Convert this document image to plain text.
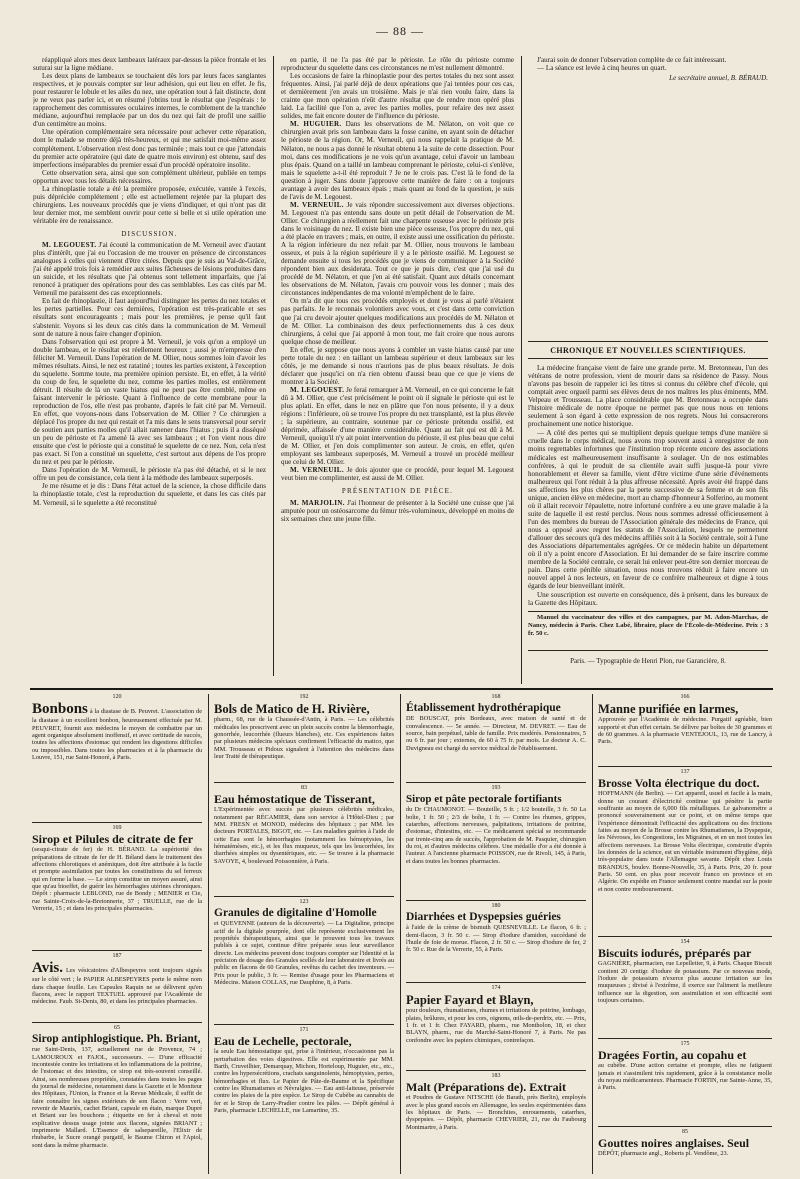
— 88 —

réappliqué alors mes deux lambeaux latéraux par-dessus la pièce frontale et les suturai sur la ligne médiane.

Les deux plans de lambeaux se touchaient dès lors par leurs faces sanglantes respectives, et je pouvais compter sur leur adhésion, qui eut lieu en effet. Je fis, pour restaurer le lobule et les ailes du nez, une opération tout à fait distincte, dont je ne veux pas parler ici, et en résumé j'obtins tout le résultat que j'espérais : le rapprochement des commissures oculaires internes, le comblement de la tranchée médiane, aujourd'hui remplacée par un dos du nez qui fait de profil une saillie d'un centimètre au moins.

Une opération complémentaire sera nécessaire pour achever cette réparation, dont le malade se montre déjà très-heureux, et qui me satisfait moi-même assez complétement. L'observation n'est donc pas terminée ; mais tout ce que j'attendais du premier acte opératoire (qui date de quatre mois environ) est obtenu, sauf des imperfections inséparables du premier essai d'un procédé opératoire insolite.

Cette observation sera, ainsi que son complément ultérieur, publiée en temps opportun avec tous les détails nécessaires.

La rhinoplastie totale a été la première proposée, exécutée, vantée à l'excès, puis dépréciée complétement ; elle est actuellement rejetée par la plupart des chirurgiens. Les nouveaux procédés que je viens d'indiquer, et qui n'ont pas dit leur dernier mot, me semblent ouvrir pour cette si belle et si utile opération une véritable ère de renaissance.

DISCUSSION.

M. LEGOUEST. J'ai écouté la communication de M. Verneuil avec d'autant plus d'intérêt, que j'ai eu l'occasion de me trouver en présence de circonstances analogues à celles qui viennent d'être citées. Depuis que je suis au Val-de-Grâce, j'ai été appelé trois fois à remédier aux suites fâcheuses de lésions produites dans un suicide, et les résultats que j'ai obtenus sont tellement imparfaits, que j'ai renoncé à pratiquer des opérations pour des cas semblables. Les cas cités par M. Verneuil me paraissent des cas exceptionnels.

En fait de rhinoplastie, il faut aujourd'hui distinguer les pertes du nez totales et les pertes partielles. Pour ces dernières, l'opération est très-praticable et ses résultats sont encourageants ; mais pour les premières, je pense qu'il faut s'abstenir. Voyons si les deux cas cités dans la communication de M. Verneuil sont de nature à nous faire changer d'opinion.

Dans l'observation qui est propre à M. Verneuil, je vois qu'on a employé un double lambeau, et le résultat est réellement heureux ; aussi je m'empresse d'en féliciter M. Verneuil. Dans l'opération de M. Ollier, nous sommes loin d'avoir les mêmes résultats. Ainsi, le nez est ratatiné ; toutes les parties existent, à l'exception du squelette. Somme toute, ma première opinion persiste. Et, en effet, à la vérité du coup de feu, le squelette du nez, comme les parties molles, est entièrement détruit. Il résulte de là un vaste hiatus qui ne peut pas être comblé, même en faisant intervenir le périoste. Quant à l'influence de cette membrane pour la reproduction de l'os, elle n'est pas probante, d'après le fait cité par M. Verneuil. En effet, que voyons-nous dans l'observation de M. Ollier ? Ce chirurgien a déplacé l'os propre du nez qui restait et l'a mis dans le sens transversal pour servir de soutien aux parties molles qu'il allait ramener dans l'hiatus ; puis il a disséqué un peu de périoste et l'a amené là avec ses lambeaux ; et l'on vient nous dire ensuite que c'est le périoste qui a constitué le squelette de ce nez. Non, cela n'est pas exact. Si l'on a constitué un squelette, c'est surtout aux dépens de l'os propre du nez et peu par le périoste.

Dans l'opération de M. Verneuil, le périoste n'a pas été détaché, et si le nez offre un peu de consistance, cela tient à la méthode des lambeaux superposés.

Je me résume et je dis : Dans l'état actuel de la science, la chose difficile dans la rhinoplastie totale, c'est la reproduction du squelette, et dans les cas cités par M. Verneuil, si le squelette a été reconstitué

en partie, il ne l'a pas été par le périoste. Le rôle du périoste comme reproducteur du squelette dans ces circonstances ne m'est nullement démontré.

Les occasions de faire la rhinoplastie pour des pertes totales du nez sont assez fréquentes. Ainsi, j'ai parlé déjà de deux opérations que j'ai tentées pour ces cas, et dernièrement j'en avais un troisième. Mais je n'ai rien voulu faire, dans la crainte que mon opération n'eût d'autre résultat que de rendre mon opéré plus laid. La facilité que l'on a, avec les parties molles, pour refaire des nez assez solides, me fait encore douter de l'influence du périoste.

M. HUGUIER. Dans les observations de M. Nélaton, on voit que ce chirurgien avait pris son lambeau dans la fosse canine, en ayant soin de détacher le périoste de la région. Or, M. Verneuil, qui nous rappelait la pratique de M. Nélaton, ne nous a pas donné le résultat obtenu à la suite de cette dissection. Pour moi, dans ces modifications je ne vois qu'un avantage, celui d'avoir un lambeau plus épais. Quand on a taillé un lambeau comprenant le périoste, celui-ci s'enlève, mais le squelette a-t-il été reproduit ? Je ne le crois pas. C'est là le fond de la question à juger. Sans doute j'approuve cette manière de faire : on a toujours avantage à avoir des lambeaux épais ; mais quant au fond de la question, je suis de l'avis de M. Legouest.

M. VERNEUIL. Je vais répondre successivement aux diverses objections. M. Legouest n'a pas entendu sans doute un petit détail de l'observation de M. Ollier. Ce chirurgien a réellement fait une charpente osseuse avec le périoste pris dans le voisinage du nez. Il existe bien une pièce osseuse, l'os propre du nez, qui a été placée en travers ; mais, en outre, il existe aussi une ossification du périoste. A la région inférieure du nez refait par M. Ollier, nous trouvons le lambeau osseux, et puis à la région supérieure il y a le périoste ossifié. M. Legouest se demande ensuite si tous les procédés que je viens de communiquer à la Société répondent bien aux desiderata. Tout ce que je puis dire, c'est que j'ai usé du procédé de M. Nélaton, et que j'en ai été satisfait. Quant aux détails concernant les observations de M. Nélaton, j'avais cru pouvoir vous les donner ; mais des circonstances indépendantes de ma volonté m'empêchent de le faire.

On m'a dit que tous ces procédés employés et dont je vous ai parlé n'étaient pas parfaits. Je le reconnais volontiers avec vous, et c'est dans cette conviction que j'ai cru devoir ajouter quelques modifications aux procédés de M. Nélaton et de M. Ollier. La combinaison des deux perfectionnements dus à ces deux chirurgiens, à celui que j'ai apporté à mon tour, me fait croire que nous aurons quelque chose de meilleur.

En effet, je suppose que nous ayons à combler un vaste hiatus causé par une perte totale du nez : en taillant un lambeau supérieur et deux lambeaux sur les côtés, je me demande si nous n'aurions pas de plus beaux résultats. Je dois déclarer que jusqu'ici on n'a rien obtenu d'aussi beau que ce que je viens de montrer à la Société.

M. LEGOUEST. Je ferai remarquer à M. Verneuil, en ce qui concerne le fait dû à M. Ollier, que c'est précisément le point où il signale le périoste qui est le plus aplati. En effet, dans le nez en plâtre que l'on nous présente, il y a deux régions : l'inférieure, où se trouve l'os propre du nez transplanté, est la plus élevée ; la supérieure, au contraire, soutenue par ce périoste prétendu ossifié, est déprimée, affaissée d'une manière considérable. Quant au fait qui est dû à M. Verneuil, quoiqu'il n'y ait point intervention du périoste, il est plus beau que celui de M. Ollier, et j'en dois complimenter son auteur. Je crois, en effet, qu'en employant ses lambeaux superposés, M. Verneuil a trouvé un procédé meilleur que celui de M. Ollier.

M. VERNEUIL. Je dois ajouter que ce procédé, pour lequel M. Legouest veut bien me complimenter, est aussi de M. Ollier.

PRÉSENTATION DE PIÈCE.

M. MARJOLIN. J'ai l'honneur de présenter à la Société une cuisse que j'ai amputée pour un ostéosarcome du fémur très-volumineux, développé en moins de six semaines chez une jeune fille.

J'aurai soin de donner l'observation complète de ce fait intéressant.

— La séance est levée à cinq heures un quart.

Le secrétaire annuel, B. BÉRAUD.
CHRONIQUE ET NOUVELLES SCIENTIFIQUES.

La médecine française vient de faire une grande perte. M. Bretonneau, l'un des vétérans de notre profession, vient de mourir dans sa résidence de Passy. Nous n'avons pas besoin de rappeler ici les titres si connus du célèbre chef d'école, qui comptait avec orgueil parmi ses élèves deux de nos maîtres les plus éminents, MM. Velpeau et Trousseau. La place considérable que M. Bretonneau a occupée dans l'histoire médicale de notre époque ne permet pas que nous nous en tenions seulement à son égard à cette expression de nos regrets. Nous lui consacrerons prochainement une notice historique.

— A côté des pertes qui se multiplient depuis quelque temps d'une manière si cruelle dans le corps médical, nous avons trop souvent aussi à enregistrer de non moins regrettables infortunes que l'institution trop récente encore des associations médicales est malheureusement insuffisante à soulager. Un de nos estimables confrères, à qui le produit de sa clientèle avait suffi jusque-là pour vivre honorablement et élever sa famille, vient d'être victime d'une série d'événements malheureux qui l'ont réduit à la plus affreuse nécessité. Après avoir été frappé dans ses affections les plus chères par la perte successive de sa femme et de son fils unique, ancien élève en médecine, mort au champ d'honneur à Solferino, au moment où il allait recevoir l'épaulette, notre infortuné confrère a eu une grave maladie à la suite de laquelle il est resté perclus. Nous nous sommes adressé officieusement à l'un des membres du bureau de l'Association générale des médecins de France, qui nous a opposé avec regret les statuts de l'Association, lesquels ne permettent d'allouer des secours qu'à des médecins affiliés soit à la Société centrale, soit à l'une des Associations départementales agrégées. Or ce médecin habite un département où il n'y a point encore d'Association. Et lui demander de se faire inscrire comme membre de la Société centrale, ce serait lui enlever peut-être son dernier morceau de pain. Dans cette pénible situation, nous nous trouvons réduit à faire encore un nouvel appel à nos lecteurs, en faveur de ce confrère malheureux et digne à tous égards de leur bienveillant intérêt.

Une souscription est ouverte en conséquence, dès à présent, dans les bureaux de la Gazette des Hôpitaux.

Manuel du vaccinateur des villes et des campagnes, par M. Adon-Marchas, de Nancy, médecin à Paris. Chez Labé, libraire, place de l'École-de-Médecine. Prix : 3 fr. 50 c.

Paris. — Typographie de Henri Plon, rue Garancière, 8.
120
Bonbons à la diastase de B. Peuvret. L'association de la diastase à un excellent bonbon, heureusement effectuée par M. PEUVRET, fournit aux médecins le moyen de combattre par un agent organique absolument inoffensif, et avec certitude de succès, toutes les affections d'estomac qui rendent les digestions difficiles ou impossibles. Dans toutes les pharmacies et à la pharmacie du Louvre, 151, rue Saint-Honoré, à Paris.
169
Sirop et Pilules de citrate de fer
(sesqui-citrate de fer) de H. BÉRAND. La supériorité des préparations de citrate de fer de H. Béland dans le traitement des affections chlorotiques et anémiques, doit être attribuée à la facile et prompte assimilation par toutes les constitutions du sel ferreux qui en forme la base. — Le sirop constitue un moyen assuré, ainsi que qu'au bioeffet, de guérir les hémorrhagies utérines chroniques. Dépôt : pharmacie LEBLOND, rue de Bondy ; MENIER et Cie, rue Sainte-Croix-de-la-Bretonnerie, 37 ; TRUELLE, rue de la Verrerie, 15 ; et dans les principales pharmacies.
187
Avis. Les vésicatoires d'Albespeyres sont toujours signés sur le côté vert ; le PAPIER ALBESPEYRES porte le même nom dans chaque feuille. Les Capsules Raquin ne se délivrent qu'en flacons, avec le rapport TEXTUEL approuvé par l'Académie de médecine. Faub. St-Denis, 80, et dans les principales pharmacies.
65
Sirop antiphlogistique. Ph. Briant,
rue Saint-Denis, 137, actuellement rue de Provence, 74 ; LAMOUROUX et FAJOL, successeurs. — D'une efficacité incontestée contre les irritations et les inflammations de la poitrine, de l'estomac et des intestins, ce sirop est très-souvent conseillé. Ainsi, ses nombreuses propriétés, constatées dans toutes les pages du journal de médecine, notamment dans la Gazette et le Moniteur des Hôpitaux, l'Union, la France et la Revue Médicale, il suffit de faire connaître les signes extérieurs de son flacon : Verre vert, revenir de Mauriès, cachet Briant, capsule en étain, marque Dupré et Briant sur les bouchons ; étiquette en fer à cheval et note explicative dessus usage jointe aux flacons, signées BRIANT ; imprimerie Mallard. L'Essence de salsepareille, l'Elixir de rhubarbe, le Sucre orangé purgatif, le Baume Chiron et l'Apiol, sont dans la même pharmacie.
192
Bols de Matico de H. Rivière,
pharm., 68, rue de la Chaussée-d'Antin, à Paris. — Les célébrités médicales les prescrivent avec un plein succès contre la blennorrhagie, gonorrhée, leucorrhée (flueurs blanches), etc. Ces expériences faites par plusieurs médecins spéciaux confirment l'efficacité du matico, que MM. Trousseau et Pidoux signalent à l'attention des médecins dans leur Traité de thérapeutique.
83
Eau hémostatique de Tisserant,
L'Expérimentée avec succès par plusieurs célébrités médicales, notamment par RÉCAMIER, dans son service à l'Hôtel-Dieu ; par MM. FRESN et MONOD, médecins des hôpitaux ; par MM. les docteurs PORTALES, BIGOT, etc. — Les maladies guéries à l'aide de cette Eau sont le hémorrhagies (notamment les hémoptysies, les hématémèses, etc.), et les flux muqueux, tels que les leucorrhées, les diarrhées simples ou dysentériques, etc. — Se trouve à la pharmacie SAVOYE, 4, boulevard Poissonnière, à Paris.
123
Granules de digitaline d'Homolle
et QUEVENNE (auteurs de la découverte). — La Digitaline, principe actif de la digitale pourprée, dont elle représente exclusivement les propriétés thérapeutiques, ainsi que le prouvent tous les travaux publiés à ce sujet, continue d'être préparée sous leur surveillance directe. Les médecins peuvent donc toujours compter sur l'identité et la précision de dosage des Granules scellés de leur laboratoire et livrés au public en flacons de 60 Granules, revêtus du cachet des inventeurs. — Prix pour le public, 3 fr. — Remise d'usage pour les Pharmaciens et Médecins. Maison COLLAS, rue Dauphine, 8, à Paris.
171
Eau de Lechelle, pectorale,
la seule Eau hémostatique qui, prise à l'intérieur, n'occasionne pas la perturbation des voies digestives. Elle est expérimentée par MM. Barth, Cruveilhier, Demarquay, Michon, Horteloup, Huguier, etc., etc., contre les hypersécrétions, crachats sanguinolents, hémoptysies, pertes, hémorrhagies et flux. Le Papier de Pâte-de-Baume et la Spécifique contre les Rhumatismes et Névralgies. — Eau anti-laiteuse, préservée contre les plaies de la pire espèce. Le Sirop de Cubèbe au cannabis de fer et le Sirop de Larry-Pradier contre les pâles. — Dépôt général à Paris, pharmacie LECHELLE, rue Lamartine, 35.
168
Établissement hydrothérapique
DE BOUSCAT, près Bordeaux, avec maison de santé et de convalescence. — 5e année. — Directeur, M. DEVRET. — Eau de source, bain perpétuel, table de famille. Prix modérés. Pensionnaires, 5 ou 6 fr. par jour ; externes, de 60 à 75 fr. par mois. Le docteur A. C. Duvigneau est chargé du service médical de l'établissement.
193
Sirop et pâte pectorale fortifiants
du Dr CHAUMONOT. — Bouteille, 5 fr. ; 1/2 bouteille, 3 fr. 50 La boîte, 1 fr. 50 ; 2/3 de boîte, 1 fr. — Contre les rhumes, grippes, catarrhes, affections nerveuses, palpitations, irritations de poitrine, d'estomac, d'intestins, etc. — Ce médicament spécial se recommande par trente-cinq ans de succès, l'approbation de M. Pasquier, chirurgien du roi, et d'autres médecins célèbres. Une médaille d'or a été donnée à l'auteur. A l'ancienne pharmacie POISSON, rue de Rivoli, 145, à Paris, et dans toutes les bonnes pharmacies.
180
Diarrhées et Dyspepsies guéries
à l'aide de la crème de bismuth QUESNEVILLE. Le flacon, 6 fr. ; demi-flacon, 3 fr. 50 c. — Sirop d'iodure d'amidon, succédané de l'huile de foie de morue. Flacon, 2 fr. 50 c. — Sirop d'iodure de fer, 2 fr. 50 c. Rue de la Verrerie, 55, à Paris.
174
Papier Fayard et Blayn,
pour douleurs, rhumatismes, rhumes et irritations de poitrine, lombago, plaies, brûlures, et pour les cors, oignons, œils-de-perdrix, etc. — Prix, 1 fr. et 1 fr. Chez FAYARD, pharm., rue Montholon, 18, et chez BLAYN, pharm., rue du Marché-Saint-Honoré 7, à Paris. Ne pas confondre avec les papiers chimiques, contrefaçon.
183
Malt (Préparations de). Extrait
et Poudres de Gustave NITSCHE (de Barath, près Berlin), employés avec le plus grand succès en Allemagne, les seules expérimentées dans les hôpitaux de Paris. — Bronchites, enrouements, catarrhes, dyspepsies. — Dépôt, pharmacie CHEVRIER, 21, rue du Faubourg Montmartre, à Paris.
166
Manne purifiée en larmes,
Approuvée par l'Académie de médecine. Purgatif agréable, bien supporté et d'un effet certain. Se délivre par boîtes de 30 grammes et de 60 grammes. A la pharmacie VENTEJOUL, 13, rue de Lancry, à Paris.
137
Brosse Volta électrique du doct.
HOFFMANN (de Berlin). — Cet appareil, usuel et facile à la main, donne un courant d'électricité continue qui pénètre la partie souffrante au moyen de 6,000 fils métalliques. Le galvanomètre a prononcé souverainement sur ce point, et on même temps que l'expérience démontrait l'efficacité des applications ou des frictions faites au moyen de la Brosse contre les Rhumatismes, la Dyspepsie, les Névroses, les Congestions, les Migraines, et en un mot toutes les affections nerveuses. La Brosse Volta électrique, construite d'après les données de la science, est un véritable instrument d'hygiène, déjà très-populaire dans toute l'Allemagne savante. Dépôt chez Louis BRANDUS, boulev. Bonne-Nouvelle, 35, à Paris. Prix, 20 fr. pour Paris. 50 cent. en plus pour recevoir franco en province et en Algérie. On expédie en France seulement contre mandat sur la poste et non contre remboursement.
154
Biscuits iodurés, préparés par
GAGNIÈRE, pharmacien, rue Lepelletier, 9, à Paris. Chaque Biscuit contient 20 centigr. d'iodure de potassium. Par ce nouveau mode, l'iodure de potassium n'exerce plus aucune irritation sur les muqueuses ; divisé à l'extrême, il exerce sur l'aliment la meilleure influence sur la digestion, son assimilation et son efficacité sont toujours certaines.
175
Dragées Fortin, au copahu et
au cubèbe. D'une action certaine et prompte, elles ne fatiguent jamais et s'assimilent très rapidement, grâce à la consistance molle du noyau médicamenteux. Pharmacie FORTIN, rue Sainte-Anne, 35, à Paris.
85
Gouttes noires anglaises. Seul
DÉPÔT, pharmacie angl., Roberts pl. Vendôme, 23.
